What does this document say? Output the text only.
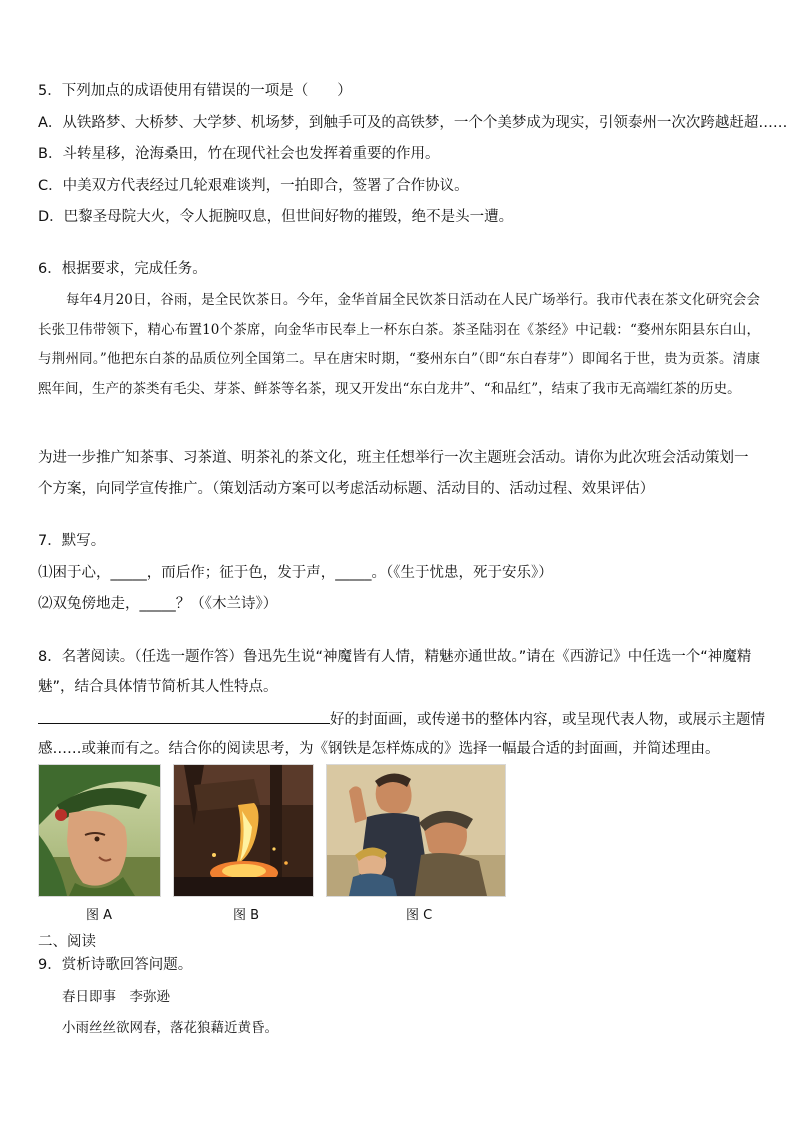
5．下列加点的成语使用有错误的一项是（　　）
A．从铁路梦、大桥梦、大学梦、机场梦，到触手可及的高铁梦，一个个美梦成为现实，引领泰州一次次跨越赶超……
B．斗转星移，沧海桑田，竹在现代社会也发挥着重要的作用。
C．中美双方代表经过几轮艰难谈判，一拍即合，签署了合作协议。
D．巴黎圣母院大火，令人扼腕叹息，但世间好物的摧毁，绝不是头一遭。
6．根据要求，完成任务。
每年4月20日，谷雨，是全民饮茶日。今年，金华首届全民饮茶日活动在人民广场举行。我市代表在茶文化研究会会长张卫伟带领下，精心布置10个茶席，向金华市民奉上一杯东白茶。茶圣陆羽在《茶经》中记载：“婺州东阳县东白山，与荆州同。”他把东白茶的品质位列全国第二。早在唐宋时期，“婺州东白”（即“东白春芽”）即闻名于世，贵为贡茶。清康熙年间，生产的茶类有毛尖、芽茶、鲜茶等名茶，现又开发出“东白龙井”、“和品红”，结束了我市无高端红茶的历史。
为进一步推广知茶事、习茶道、明茶礼的茶文化，班主任想举行一次主题班会活动。请你为此次班会活动策划一个方案，向同学宣传推广。（策划活动方案可以考虑活动标题、活动目的、活动过程、效果评估）
7．默写。
⑴困于心，_____，而后作；征于色，发于声，_____。（《生于忧患，死于安乐》）
⑵双兔傍地走，_____？（《木兰诗》）
8．名著阅读。（任选一题作答）鲁迅先生说“神魔皆有人情，精魅亦通世故。”请在《西游记》中任选一个“神魔精魅”，结合具体情节简析其人性特点。
好的封面画，或传递书的整体内容，或呈现代表人物，或展示主题情
感……或兼而有之。结合你的阅读思考，为《钢铁是怎样炼成的》选择一幅最合适的封面画，并简述理由。
图 A	图 B	图 C
二、阅读
9．赏析诗歌回答问题。
春日即事　李弥逊
小雨丝丝欲网春，落花狼藉近黄昏。
